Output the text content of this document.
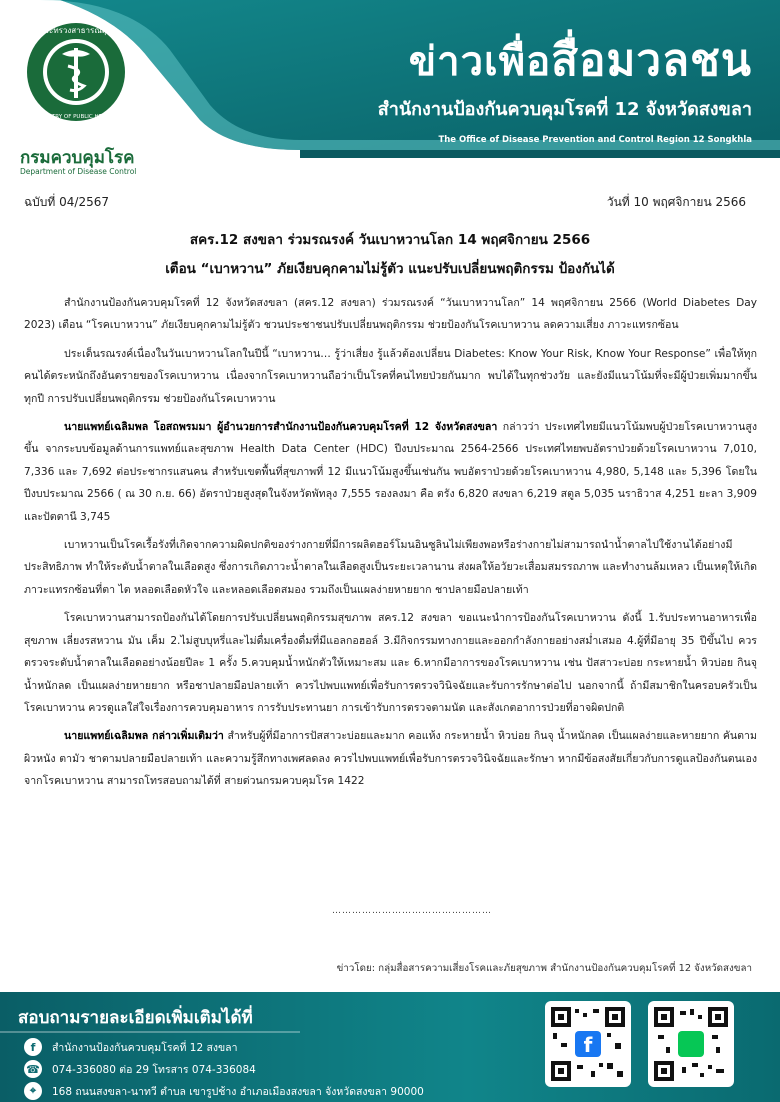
กระทรวงสาธารณสุข
MINISTRY OF PUBLIC HEALTH
กรมควบคุมโรค
Department of Disease Control
ข่าวเพื่อสื่อมวลชน
สำนักงานป้องกันควบคุมโรคที่ 12 จังหวัดสงขลา
The Office of Disease Prevention and Control Region 12 Songkhla
ฉบับที่ 04/2567	วันที่ 10 พฤศจิกายน 2566
สคร.12 สงขลา ร่วมรณรงค์ วันเบาหวานโลก 14 พฤศจิกายน 2566
เตือน “เบาหวาน” ภัยเงียบคุกคามไม่รู้ตัว แนะปรับเปลี่ยนพฤติกรรม ป้องกันได้

สำนักงานป้องกันควบคุมโรคที่ 12 จังหวัดสงขลา (สคร.12 สงขลา) ร่วมรณรงค์ “วันเบาหวานโลก” 14 พฤศจิกายน 2566 (World Diabetes Day 2023) เตือน “โรคเบาหวาน” ภัยเงียบคุกคามไม่รู้ตัว ชวนประชาชนปรับเปลี่ยนพฤติกรรม ช่วยป้องกันโรคเบาหวาน ลดความเสี่ยง ภาวะแทรกซ้อน

ประเด็นรณรงค์เนื่องในวันเบาหวานโลกในปีนี้ “เบาหวาน… รู้ว่าเสี่ยง รู้แล้วต้องเปลี่ยน Diabetes: Know Your Risk, Know Your Response” เพื่อให้ทุกคนได้ตระหนักถึงอันตรายของโรคเบาหวาน เนื่องจากโรคเบาหวานถือว่าเป็นโรคที่คนไทยป่วยกันมาก พบได้ในทุกช่วงวัย และยังมีแนวโน้มที่จะมีผู้ป่วยเพิ่มมากขึ้นทุกปี การปรับเปลี่ยนพฤติกรรม ช่วยป้องกันโรคเบาหวาน

นายแพทย์เฉลิมพล โอสถพรมมา ผู้อำนวยการสำนักงานป้องกันควบคุมโรคที่ 12 จังหวัดสงขลา กล่าวว่า ประเทศไทยมีแนวโน้มพบผู้ป่วยโรคเบาหวานสูงขึ้น จากระบบข้อมูลด้านการแพทย์และสุขภาพ Health Data Center (HDC) ปีงบประมาณ 2564-2566 ประเทศไทยพบอัตราป่วยด้วยโรคเบาหวาน 7,010, 7,336 และ 7,692 ต่อประชากรแสนคน สำหรับเขตพื้นที่สุขภาพที่ 12 มีแนวโน้มสูงขึ้นเช่นกัน พบอัตราป่วยด้วยโรคเบาหวาน 4,980, 5,148 และ 5,396 โดยในปีงบประมาณ 2566 ( ณ 30 ก.ย. 66) อัตราป่วยสูงสุดในจังหวัดพัทลุง 7,555 รองลงมา คือ ตรัง 6,820 สงขลา 6,219 สตูล 5,035 นราธิวาส 4,251 ยะลา 3,909 และปัตตานี 3,745

เบาหวานเป็นโรคเรื้อรังที่เกิดจากความผิดปกติของร่างกายที่มีการผลิตฮอร์โมนอินซูลินไม่เพียงพอหรือร่างกายไม่สามารถนำน้ำตาลไปใช้งานได้อย่างมีประสิทธิภาพ ทำให้ระดับน้ำตาลในเลือดสูง ซึ่งการเกิดภาวะน้ำตาลในเลือดสูงเป็นระยะเวลานาน ส่งผลให้อวัยวะเสื่อมสมรรถภาพ และทำงานล้มเหลว เป็นเหตุให้เกิดภาวะแทรกซ้อนที่ตา ไต หลอดเลือดหัวใจ และหลอดเลือดสมอง รวมถึงเป็นแผลง่ายหายยาก ชาปลายมือปลายเท้า

โรคเบาหวานสามารถป้องกันได้โดยการปรับเปลี่ยนพฤติกรรมสุขภาพ สคร.12 สงขลา ขอแนะนำการป้องกันโรคเบาหวาน ดังนี้ 1.รับประทานอาหารเพื่อสุขภาพ เลี่ยงรสหวาน มัน เค็ม 2.ไม่สูบบุหรี่และไม่ดื่มเครื่องดื่มที่มีแอลกอฮอล์ 3.มีกิจกรรมทางกายและออกกำลังกายอย่างสม่ำเสมอ 4.ผู้ที่มีอายุ 35 ปีขึ้นไป ควรตรวจระดับน้ำตาลในเลือดอย่างน้อยปีละ 1 ครั้ง 5.ควบคุมน้ำหนักตัวให้เหมาะสม และ 6.หากมีอาการของโรคเบาหวาน เช่น ปัสสาวะบ่อย กระหายน้ำ หิวบ่อย กินจุ น้ำหนักลด เป็นแผลง่ายหายยาก หรือชาปลายมือปลายเท้า ควรไปพบแพทย์เพื่อรับการตรวจวินิจฉัยและรับการรักษาต่อไป นอกจากนี้ ถ้ามีสมาชิกในครอบครัวเป็นโรคเบาหวาน ควรดูแลใส่ใจเรื่องการควบคุมอาหาร การรับประทานยา การเข้ารับการตรวจตามนัด และสังเกตอาการป่วยที่อาจผิดปกติ

นายแพทย์เฉลิมพล กล่าวเพิ่มเติมว่า สำหรับผู้ที่มีอาการปัสสาวะบ่อยและมาก คอแห้ง กระหายน้ำ หิวบ่อย กินจุ น้ำหนักลด เป็นแผลง่ายและหายยาก คันตามผิวหนัง ตามัว ชาตามปลายมือปลายเท้า และความรู้สึกทางเพศลดลง ควรไปพบแพทย์เพื่อรับการตรวจวินิจฉัยและรักษา หากมีข้อสงสัยเกี่ยวกับการดูแลป้องกันตนเองจากโรคเบาหวาน สามารถโทรสอบถามได้ที่ สายด่วนกรมควบคุมโรค 1422

…………………………………………
ข่าวโดย: กลุ่มสื่อสารความเสี่ยงโรคและภัยสุขภาพ สำนักงานป้องกันควบคุมโรคที่ 12 จังหวัดสงขลา
สอบถามรายละเอียดเพิ่มเติมได้ที่
f	สำนักงานป้องกันควบคุมโรคที่ 12 สงขลา
☎ 074-336080 ต่อ 29 โทรสาร 074-336084
⌖	168 ถนนสงขลา-นาทวี ตำบล เขารูปช้าง อำเภอเมืองสงขลา จังหวัดสงขลา 90000
f
